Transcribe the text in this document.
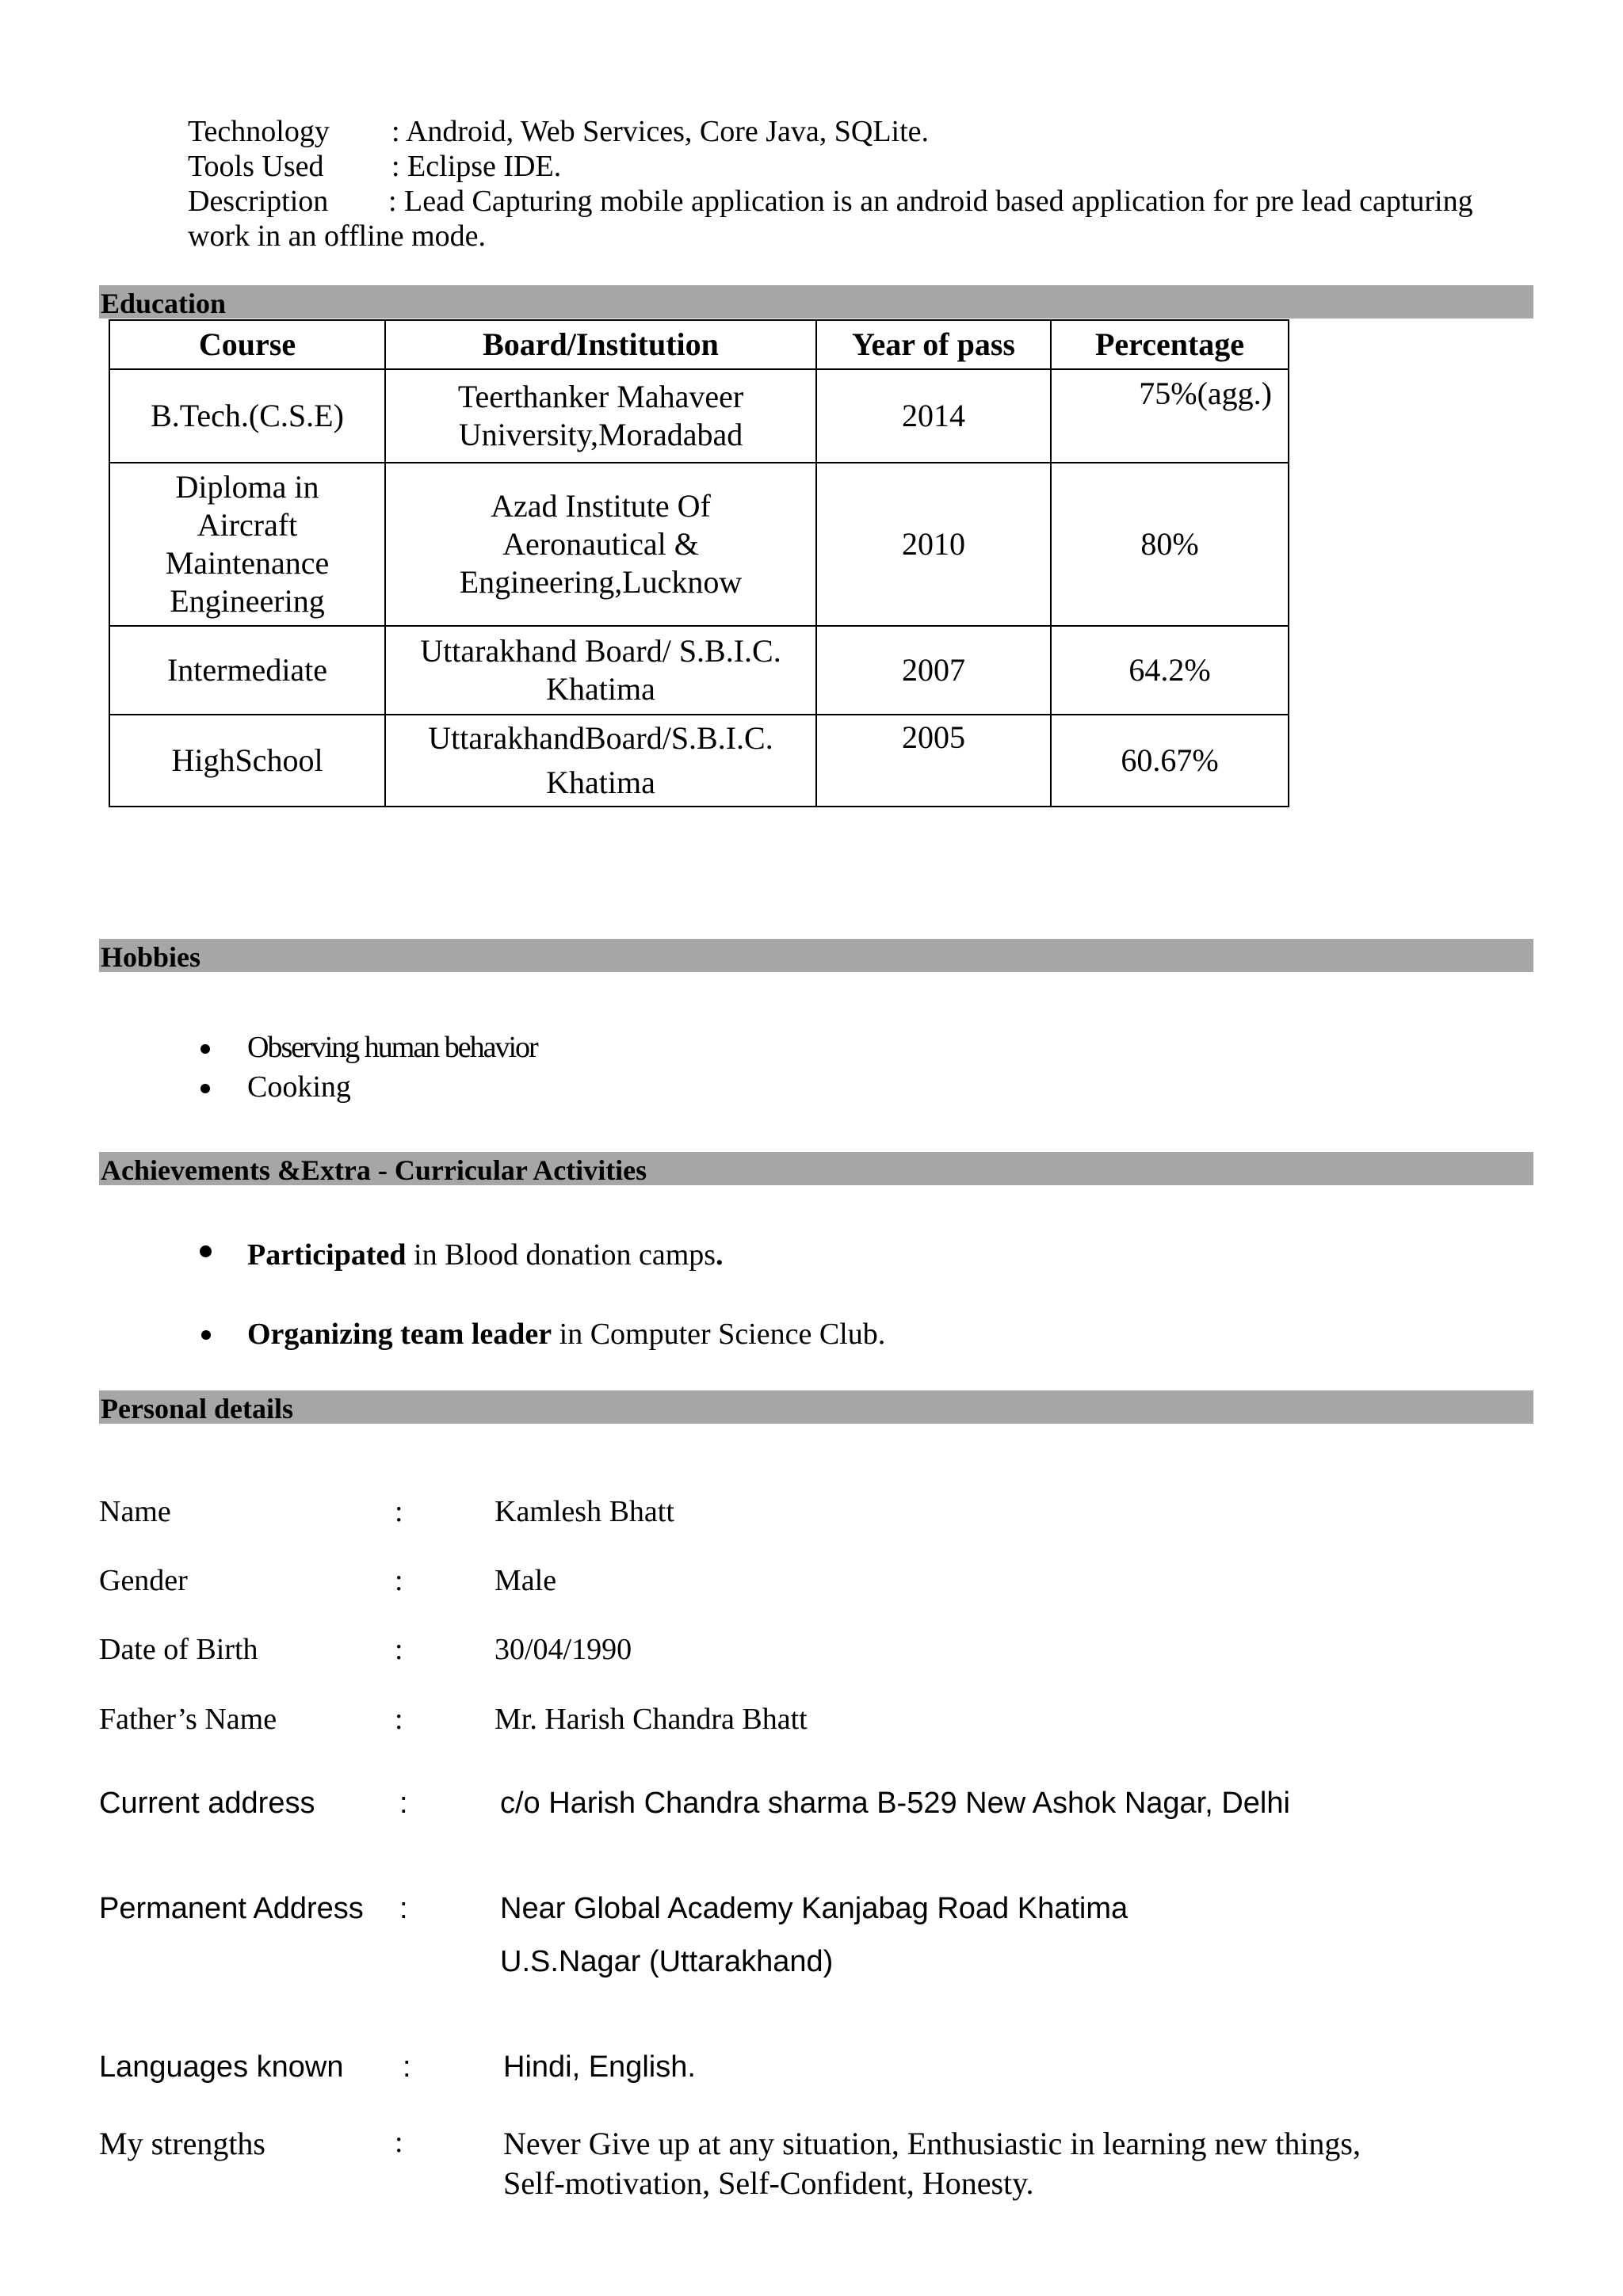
Technology : Android, Web Services, Core Java, SQLite.
Tools Used : Eclipse IDE.
Description : Lead Capturing mobile application is an android based application for pre lead capturing
work in an offline mode.
Education
Course	Board/Institution	Year of pass	Percentage
B.Tech.(C.S.E)	Teerthanker Mahaveer University,Moradabad	2014	75%(agg.)
Diploma in Aircraft Maintenance Engineering	Azad Institute Of Aeronautical & Engineering,Lucknow	2010	80%
Intermediate	Uttarakhand Board/ S.B.I.C. Khatima	2007	64.2%
HighSchool	UttarakhandBoard/S.B.I.C. Khatima	2005	60.67%
Hobbies
Observing human behavior
Cooking
Achievements &Extra - Curricular Activities
Participated in Blood donation camps.
Organizing team leader in Computer Science Club.
Personal details
Name	:	Kamlesh Bhatt
Gender	:	Male
Date of Birth	:	30/04/1990
Father’s Name	:	Mr. Harish Chandra Bhatt
Current address	:	c/o Harish Chandra sharma B-529 New Ashok Nagar, Delhi
Permanent Address :	Near Global Academy Kanjabag Road Khatima
U.S.Nagar (Uttarakhand)
Languages known :	Hindi, English.
My strengths	:	Never Give up at any situation, Enthusiastic in learning new things,
Self-motivation, Self-Confident, Honesty.
